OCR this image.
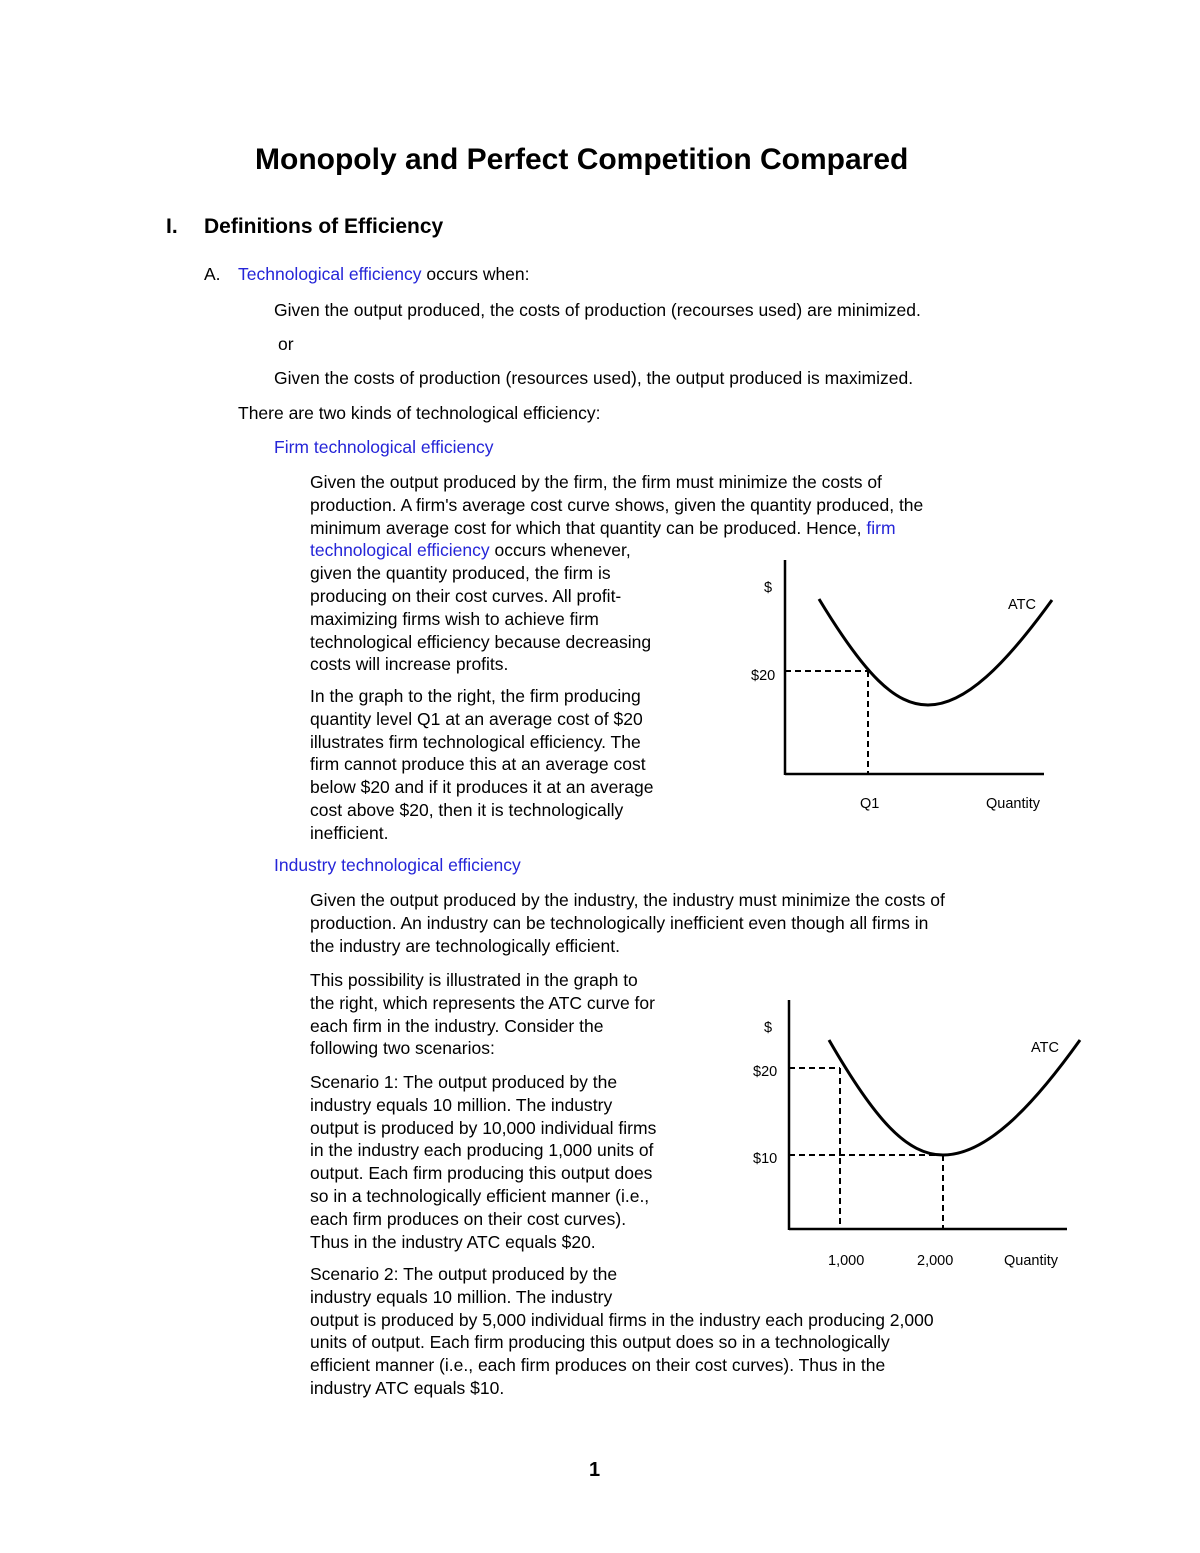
Monopoly and Perfect Competition Compared
I. Definitions of Efficiency
A. Technological efficiency occurs when:
Given the output produced, the costs of production (recourses used) are minimized.
or
Given the costs of production (resources used), the output produced is maximized.
There are two kinds of technological efficiency:
Firm technological efficiency
Given the output produced by the firm, the firm must minimize the costs of
production. A firm's average cost curve shows, given the quantity produced, the
minimum average cost for which that quantity can be produced. Hence, firm
technological efficiency occurs whenever,
given the quantity produced, the firm is
producing on their cost curves. All profit-
maximizing firms wish to achieve firm
technological efficiency because decreasing
costs will increase profits.
In the graph to the right, the firm producing
quantity level Q1 at an average cost of $20
illustrates firm technological efficiency. The
firm cannot produce this at an average cost
below $20 and if it produces it at an average
cost above $20, then it is technologically
inefficient.
$
ATC
$20
Q1	Quantity
Industry technological efficiency
Given the output produced by the industry, the industry must minimize the costs of
production. An industry can be technologically inefficient even though all firms in
the industry are technologically efficient.
This possibility is illustrated in the graph to
the right, which represents the ATC curve for
each firm in the industry. Consider the
following two scenarios:
Scenario 1: The output produced by the
industry equals 10 million. The industry
output is produced by 10,000 individual firms
in the industry each producing 1,000 units of
output. Each firm producing this output does
so in a technologically efficient manner (i.e.,
each firm produces on their cost curves).
Thus in the industry ATC equals $20.
Scenario 2: The output produced by the
industry equals 10 million. The industry
output is produced by 5,000 individual firms in the industry each producing 2,000
units of output. Each firm producing this output does so in a technologically
efficient manner (i.e., each firm produces on their cost curves). Thus in the
industry ATC equals $10.
$
ATC
$20
$10
1,000	2,000	Quantity
1
